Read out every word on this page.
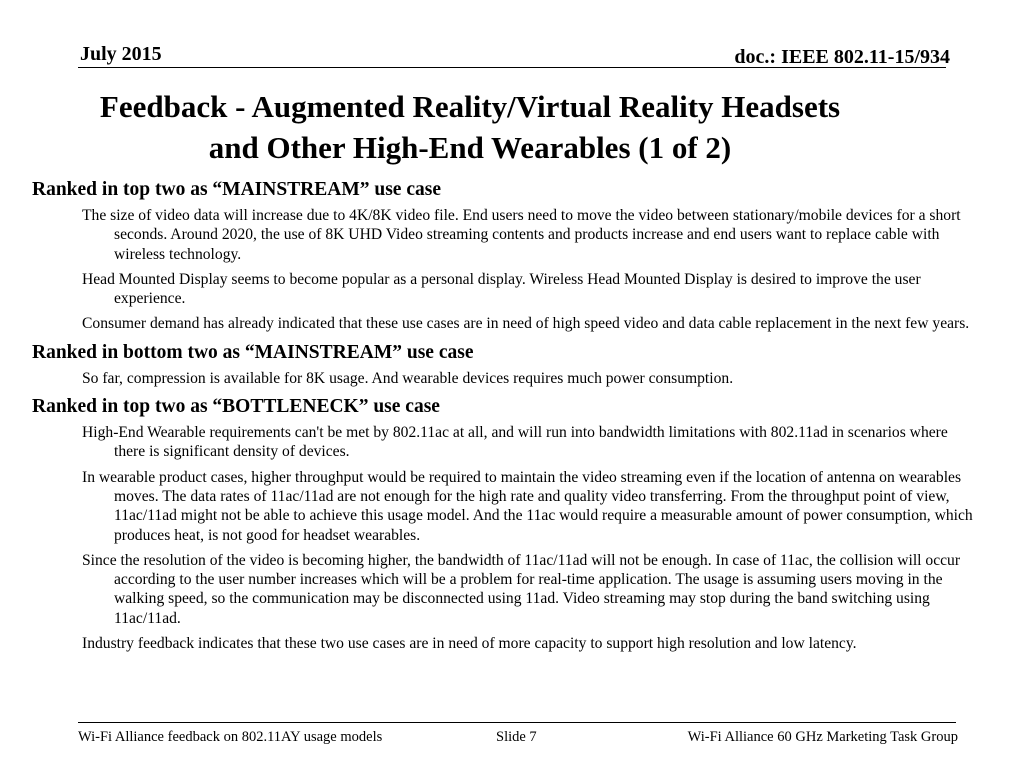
July 2015	doc.: IEEE 802.11-15/934
Feedback - Augmented Reality/Virtual Reality Headsets
and Other High-End Wearables (1 of 2)
Ranked in top two as “MAINSTREAM” use case
The size of video data will increase due to 4K/8K video file. End users need to move the video between stationary/mobile devices for a short seconds. Around 2020, the use of 8K UHD Video streaming contents and products increase and end users want to replace cable with wireless technology.
Head Mounted Display seems to become popular as a personal display. Wireless Head Mounted Display is desired to improve the user experience.
Consumer demand has already indicated that these use cases are in need of high speed video and data cable replacement in the next few years.
Ranked in bottom two as “MAINSTREAM” use case
So far, compression is available for 8K usage. And wearable devices requires much power consumption.
Ranked in top two as “BOTTLENECK” use case
High-End Wearable requirements can't be met by 802.11ac at all, and will run into bandwidth limitations with 802.11ad in scenarios where there is significant density of devices.
In wearable product cases, higher throughput would be required to maintain the video streaming even if the location of antenna on wearables moves. The data rates of 11ac/11ad are not enough for the high rate and quality video transferring. From the throughput point of view, 11ac/11ad might not be able to achieve this usage model. And the 11ac would require a measurable amount of power consumption, which produces heat, is not good for headset wearables.
Since the resolution of the video is becoming higher, the bandwidth of 11ac/11ad will not be enough. In case of 11ac, the collision will occur according to the user number increases which will be a problem for real-time application. The usage is assuming users moving in the walking speed, so the communication may be disconnected using 11ad. Video streaming may stop during the band switching using 11ac/11ad.
Industry feedback indicates that these two use cases are in need of more capacity to support high resolution and low latency.
Wi-Fi Alliance feedback on 802.11AY usage models	Slide 7	Wi-Fi Alliance 60 GHz Marketing Task Group
